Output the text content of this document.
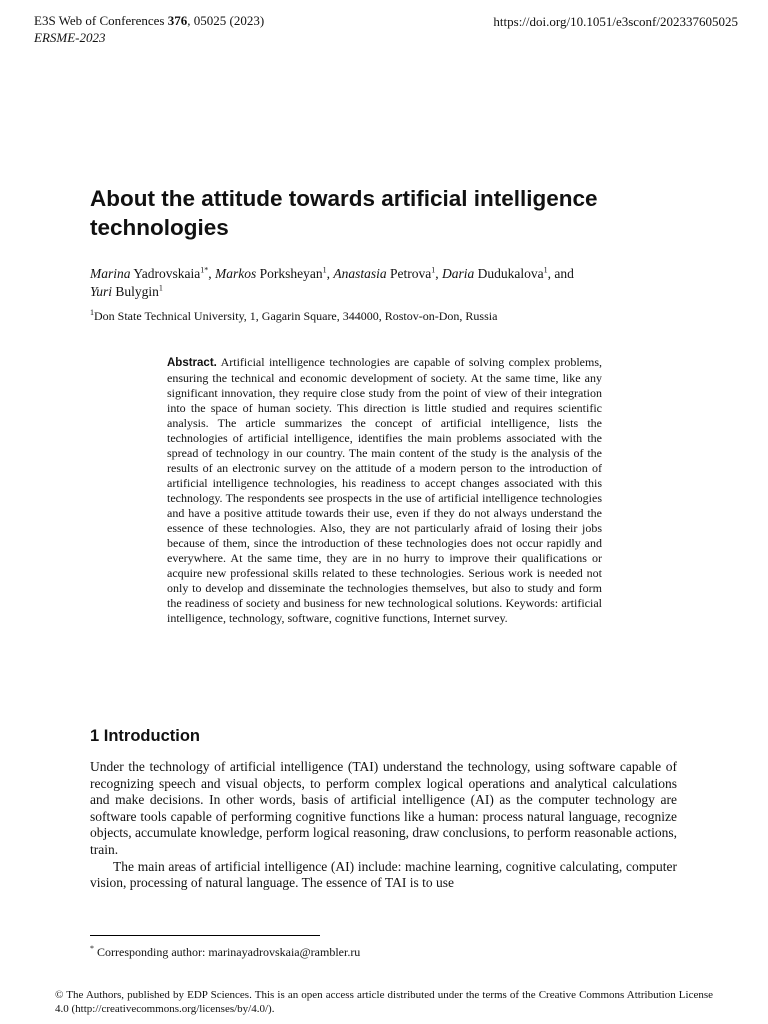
E3S Web of Conferences 376, 05025 (2023)
ERSME-2023
https://doi.org/10.1051/e3sconf/202337605025
About the attitude towards artificial intelligence technologies
Marina Yadrovskaia$^{1*}$, Markos Porksheyan$^1$, Anastasia Petrova$^1$, Daria Dudukalova$^1$, and
Yuri Bulygin$^1$
$^1$Don State Technical University, 1, Gagarin Square, 344000, Rostov-on-Don, Russia
Abstract. Artificial intelligence technologies are capable of solving complex problems, ensuring the technical and economic development of society. At the same time, like any significant innovation, they require close study from the point of view of their integration into the space of human society. This direction is little studied and requires scientific analysis. The article summarizes the concept of artificial intelligence, lists the technologies of artificial intelligence, identifies the main problems associated with the spread of technology in our country. The main content of the study is the analysis of the results of an electronic survey on the attitude of a modern person to the introduction of artificial intelligence technologies, his readiness to accept changes associated with this technology. The respondents see prospects in the use of artificial intelligence technologies and have a positive attitude towards their use, even if they do not always understand the essence of these technologies. Also, they are not particularly afraid of losing their jobs because of them, since the introduction of these technologies does not occur rapidly and everywhere. At the same time, they are in no hurry to improve their qualifications or acquire new professional skills related to these technologies. Serious work is needed not only to develop and disseminate the technologies themselves, but also to study and form the readiness of society and business for new technological solutions. Keywords: artificial intelligence, technology, software, cognitive functions, Internet survey.
1 Introduction

Under the technology of artificial intelligence (TAI) understand the technology, using software capable of recognizing speech and visual objects, to perform complex logical operations and analytical calculations and make decisions. In other words, basis of artificial intelligence (AI) as the computer technology are software tools capable of performing cognitive functions like a human: process natural language, recognize objects, accumulate knowledge, perform logical reasoning, draw conclusions, to perform reasonable actions, train.

The main areas of artificial intelligence (AI) include: machine learning, cognitive calculating, computer vision, processing of natural language. The essence of TAI is to use

* Corresponding author: marinayadrovskaia@rambler.ru
© The Authors, published by EDP Sciences. This is an open access article distributed under the terms of the Creative Commons Attribution License 4.0 (http://creativecommons.org/licenses/by/4.0/).
